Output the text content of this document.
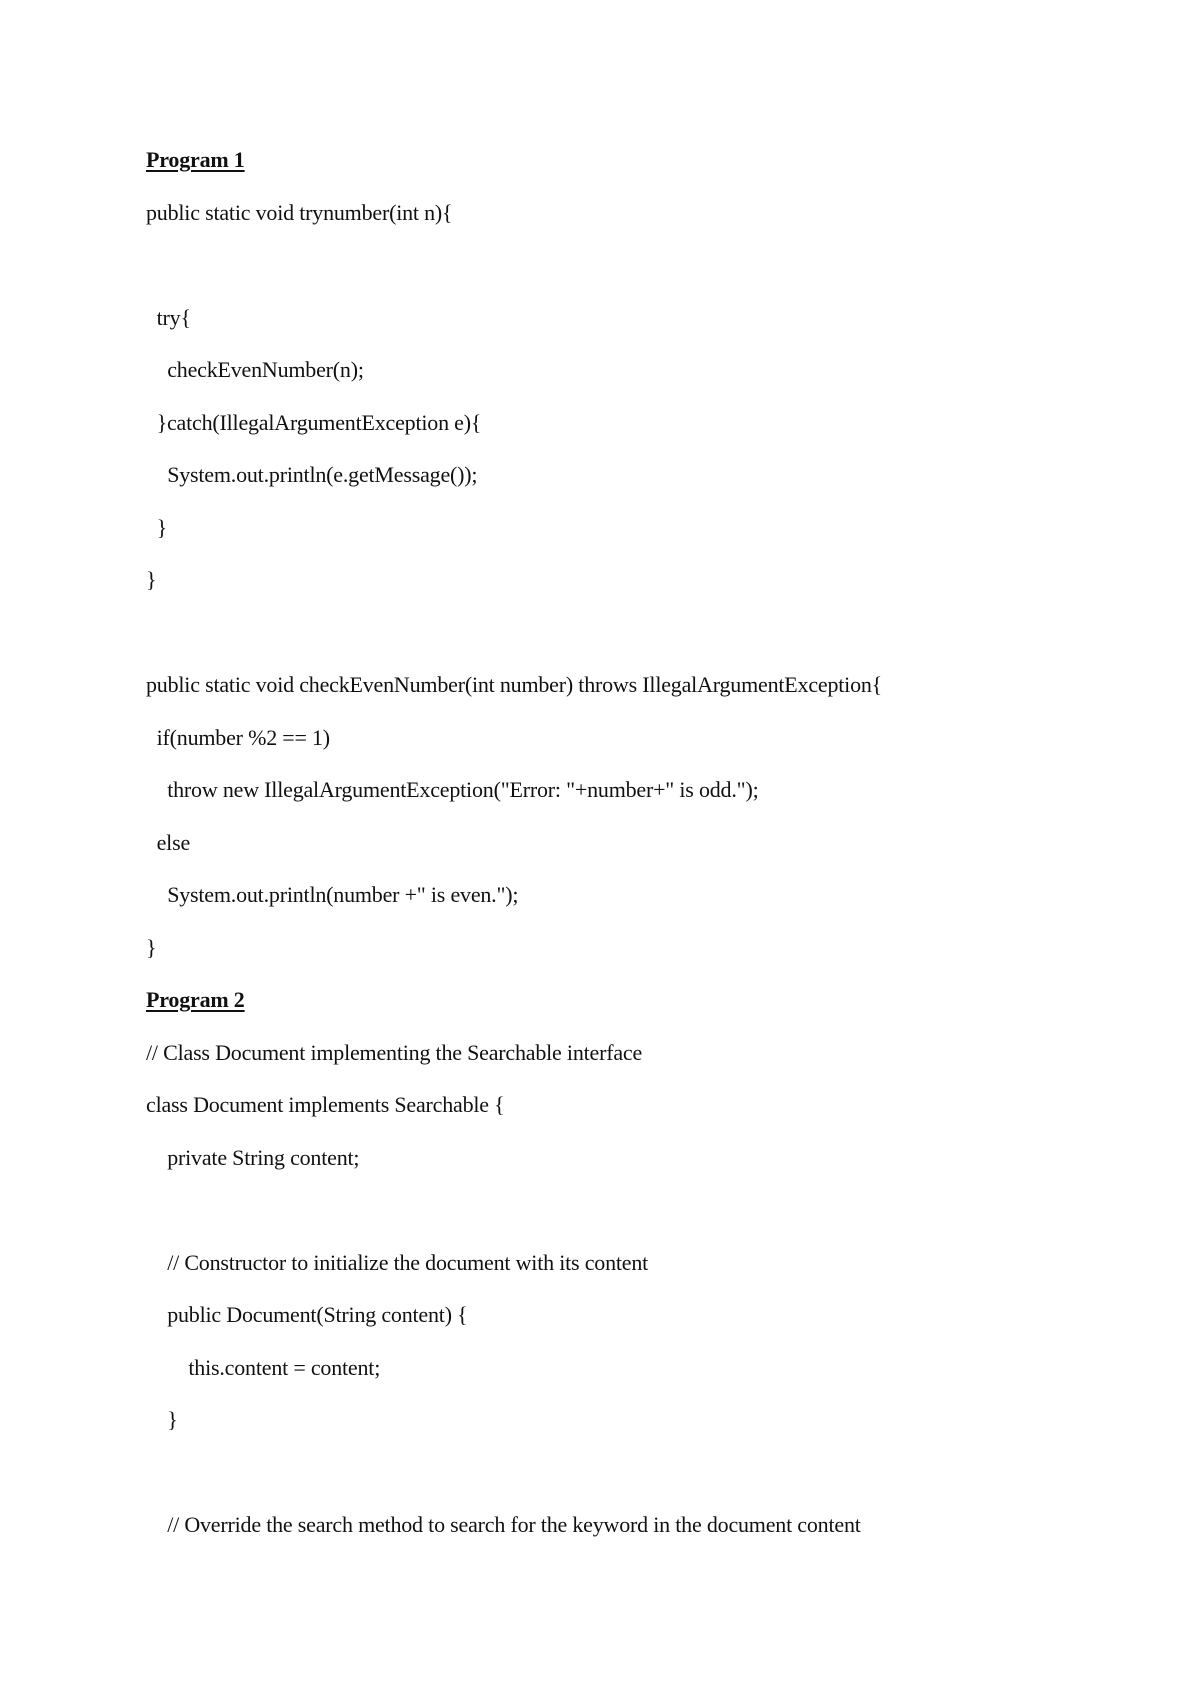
Program 1
public static void trynumber(int n){
try{
checkEvenNumber(n);
}catch(IllegalArgumentException e){
System.out.println(e.getMessage());
}
}
public static void checkEvenNumber(int number) throws IllegalArgumentException{
if(number %2 == 1)
throw new IllegalArgumentException("Error: "+number+" is odd.");
else
System.out.println(number +" is even.");
}
Program 2
// Class Document implementing the Searchable interface
class Document implements Searchable {
private String content;
// Constructor to initialize the document with its content
public Document(String content) {
this.content = content;
}
// Override the search method to search for the keyword in the document content
